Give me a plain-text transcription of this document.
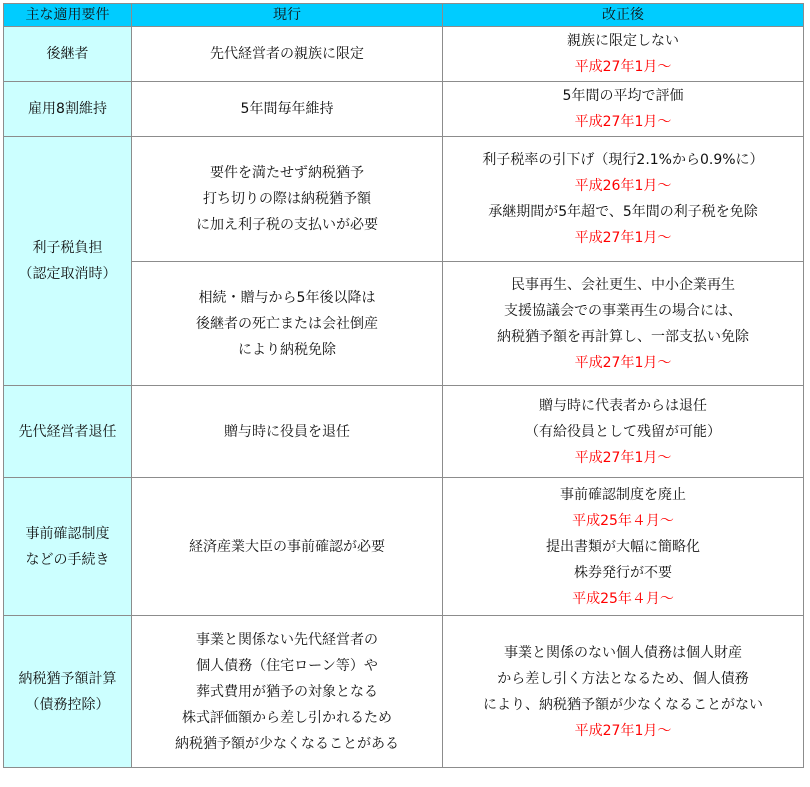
主な適用要件	現行	改正後

後継者	先代経営者の親族に限定	親族に限定しない
平成27年1月〜

雇用8割維持	5年間毎年維持	5年間の平均で評価
平成27年1月〜

利子税負担
（認定取消時）	要件を満たせず納税猶予
打ち切りの際は納税猶予額
に加え利子税の支払いが必要	利子税率の引下げ（現行2.1%から0.9%に）
平成26年1月〜
承継期間が5年超で、5年間の利子税を免除
平成27年1月〜

	相続・贈与から5年後以降は
後継者の死亡または会社倒産
により納税免除	民事再生、会社更生、中小企業再生
支援協議会での事業再生の場合には、
納税猶予額を再計算し、一部支払い免除
平成27年1月〜

先代経営者退任	贈与時に役員を退任	贈与時に代表者からは退任
（有給役員として残留が可能）
平成27年1月〜

事前確認制度
などの手続き	経済産業大臣の事前確認が必要	事前確認制度を廃止
平成25年４月〜
提出書類が大幅に簡略化
株券発行が不要
平成25年４月〜

納税猶予額計算
（債務控除）	事業と関係ない先代経営者の
個人債務（住宅ローン等）や
葬式費用が猶予の対象となる
株式評価額から差し引かれるため
納税猶予額が少なくなることがある	事業と関係のない個人債務は個人財産
から差し引く方法となるため、個人債務
により、納税猶予額が少なくなることがない
平成27年1月〜
